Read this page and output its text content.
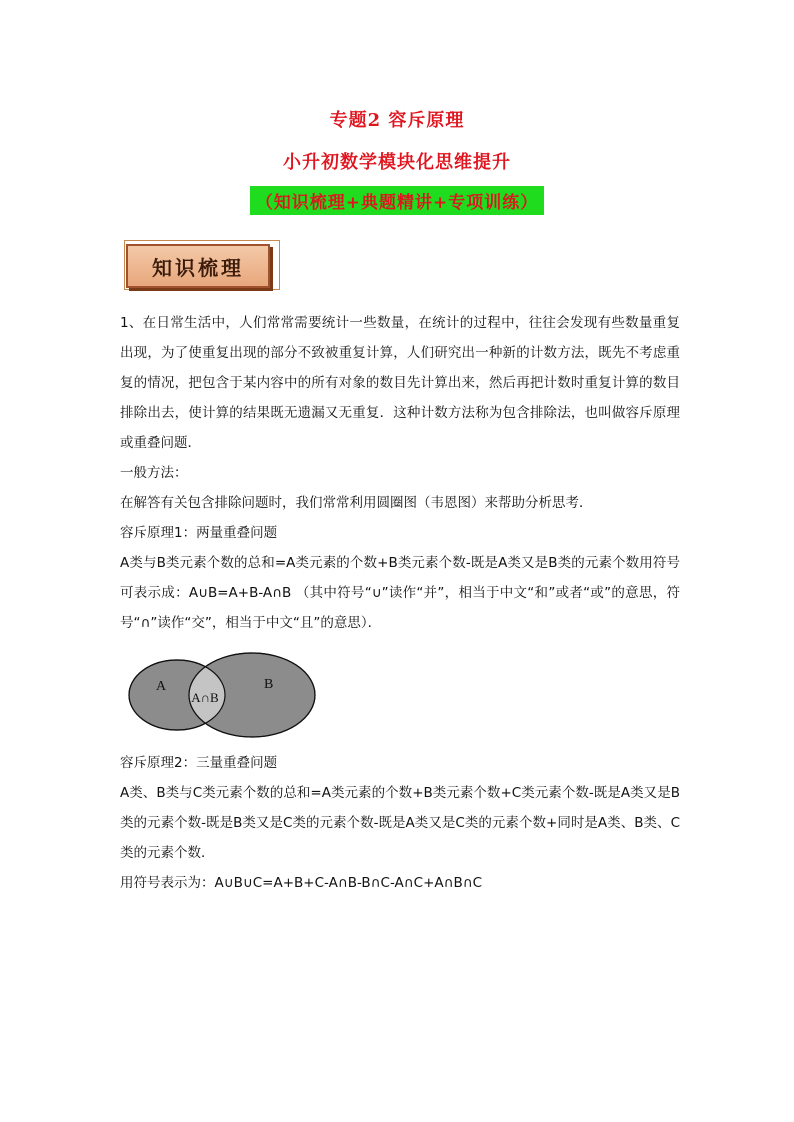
专题2 容斥原理
小升初数学模块化思维提升
（知识梳理+典题精讲+专项训练）
知识梳理

1、在日常生活中，人们常常需要统计一些数量，在统计的过程中，往往会发现有些数量重复出现，为了使重复出现的部分不致被重复计算，人们研究出一种新的计数方法，既先不考虑重复的情况，把包含于某内容中的所有对象的数目先计算出来，然后再把计数时重复计算的数目排除出去，使计算的结果既无遗漏又无重复．这种计数方法称为包含排除法，也叫做容斥原理或重叠问题．

一般方法：

在解答有关包含排除问题时，我们常常利用圆圈图（韦恩图）来帮助分析思考．

容斥原理1：两量重叠问题

A类与B类元素个数的总和=A类元素的个数+B类元素个数-既是A类又是B类的元素个数用符号可表示成：A∪B=A+B-A∩B （其中符号“∪”读作“并”，相当于中文“和”或者“或”的意思，符号“∩”读作“交”，相当于中文“且”的意思）．

A	B
A∩B

容斥原理2：三量重叠问题

A类、B类与C类元素个数的总和=A类元素的个数+B类元素个数+C类元素个数-既是A类又是B类的元素个数-既是B类又是C类的元素个数-既是A类又是C类的元素个数+同时是A类、B类、C类的元素个数．

用符号表示为：A∪B∪C=A+B+C-A∩B-B∩C-A∩C+A∩B∩C
